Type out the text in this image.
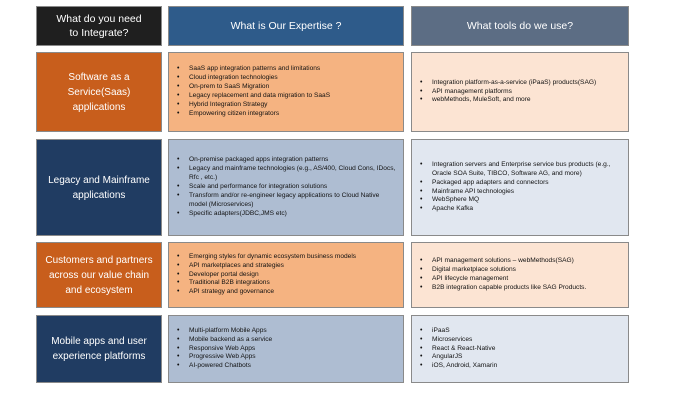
What do you need to Integrate?
What is Our Expertise ?	What tools do we use?
Software as a Service(Saas) applications
• SaaS app integration patterns and limitations
• Cloud integration technologies
• On-prem to SaaS Migration
• Legacy replacement and data migration to SaaS
• Hybrid Integration Strategy
• Empowering citizen integrators
• Integration platform-as-a-service (iPaaS) products(SAG)
• API management platforms
• webMethods, MuleSoft, and more
Legacy and Mainframe applications
• On-premise packaged apps integration patterns
• Legacy and mainframe technologies (e.g., AS/400, Cloud Cons, IDocs, Rfc , etc.)
• Scale and performance for integration solutions
• Transform and/or re-engineer legacy applications to Cloud Native model (Microservices)
• Specific adapters(JDBC,JMS etc)
• Integration servers and Enterprise service bus products (e.g., Oracle SOA Suite, TIBCO, Software AG, and more)
• Packaged app adapters and connectors
• Mainframe API technologies
• WebSphere MQ
• Apache Kafka
Customers and partners across our value chain and ecosystem
• Emerging styles for dynamic ecosystem business models
• API marketplaces and strategies
• Developer portal design
• Traditional B2B integrations
• API strategy and governance
• API management solutions – webMethods(SAG)
• Digital marketplace solutions
• API lifecycle management
• B2B integration capable products like SAG Products.
Mobile apps and user experience platforms
• Multi-platform Mobile Apps
• Mobile backend as a service
• Responsive Web Apps
• Progressive Web Apps
• AI-powered Chatbots
• iPaaS
• Microservices
• React & React-Native
• AngularJS
• iOS, Android, Xamarin
